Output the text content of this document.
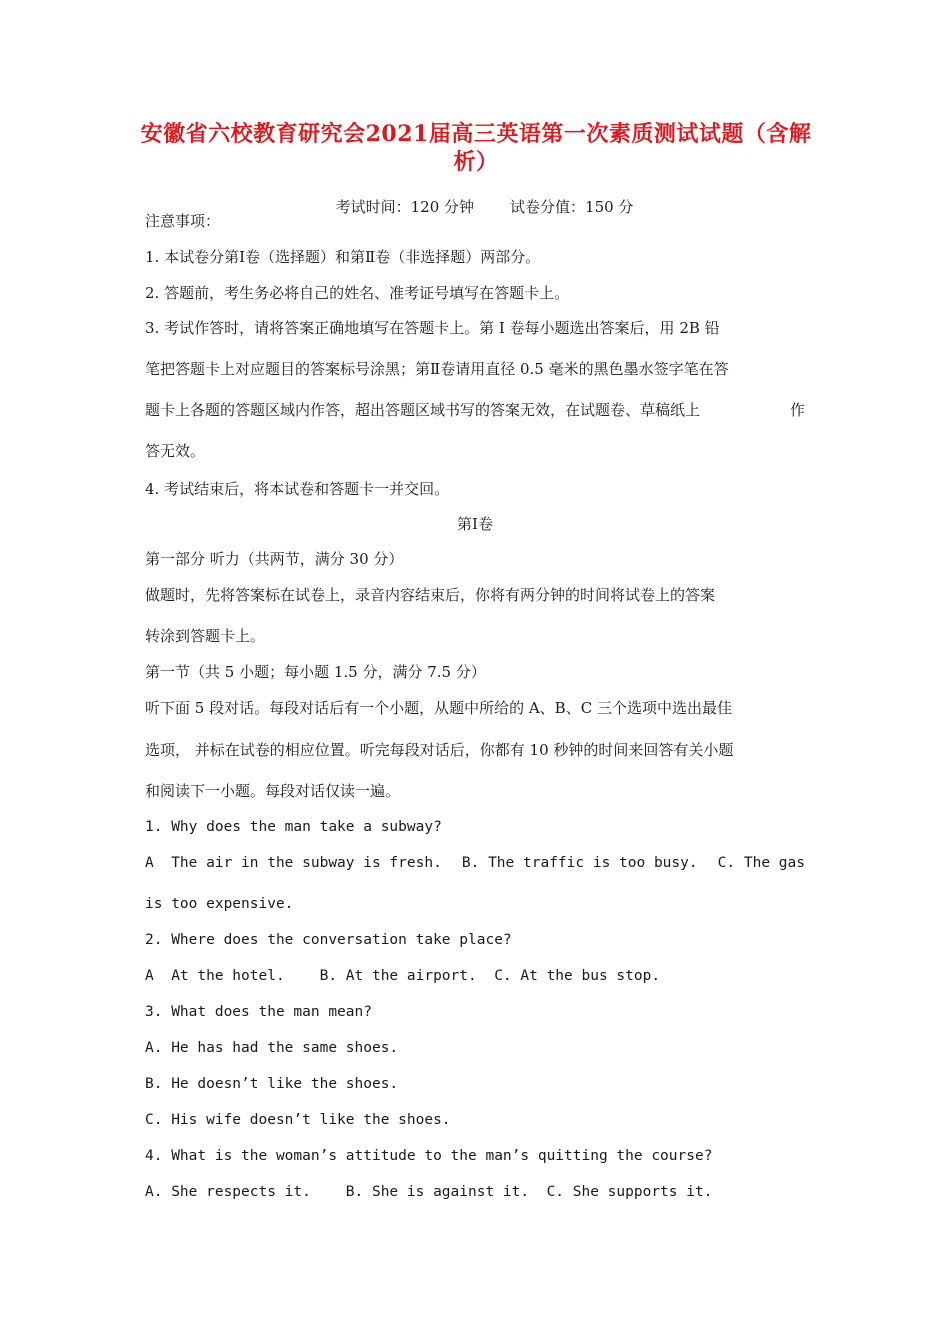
安徽省六校教育研究会2021届高三英语第一次素质测试试题（含解析）

考试时间：120 分钟 试卷分值：150 分

注意事项：
1. 本试卷分第Ⅰ卷（选择题）和第Ⅱ卷（非选择题）两部分。
2. 答题前，考生务必将自己的姓名、准考证号填写在答题卡上。
3. 考试作答时，请将答案正确地填写在答题卡上。第 Ⅰ 卷每小题选出答案后，用 2B 铅
笔把答题卡上对应题目的答案标号涂黑；第Ⅱ卷请用直径 0.5 毫米的黑色墨水签字笔在答
题卡上各题的答题区域内作答，超出答题区域书写的答案无效，在试题卷、草稿纸上	作
答无效。
4. 考试结束后，将本试卷和答题卡一并交回。
第Ⅰ卷
第一部分 听力（共两节，满分 30 分）
做题时，先将答案标在试卷上，录音内容结束后，你将有两分钟的时间将试卷上的答案
转涂到答题卡上。
第一节（共 5 小题；每小题 1.5 分，满分 7.5 分）
听下面 5 段对话。每段对话后有一个小题，从题中所给的 A、B、C 三个选项中选出最佳
选项， 并标在试卷的相应位置。听完每段对话后，你都有 10 秒钟的时间来回答有关小题
和阅读下一小题。每段对话仅读一遍。
1. Why does the man take a subway?
A  The air in the subway is fresh. B. The traffic is too busy. C. The gas
is too expensive.
2. Where does the conversation take place?
A  At the hotel.    B. At the airport.  C. At the bus stop.
3. What does the man mean?
A. He has had the same shoes.
B. He doesn’t like the shoes.
C. His wife doesn’t like the shoes.
4. What is the woman’s attitude to the man’s quitting the course?
A. She respects it.    B. She is against it.  C. She supports it.
